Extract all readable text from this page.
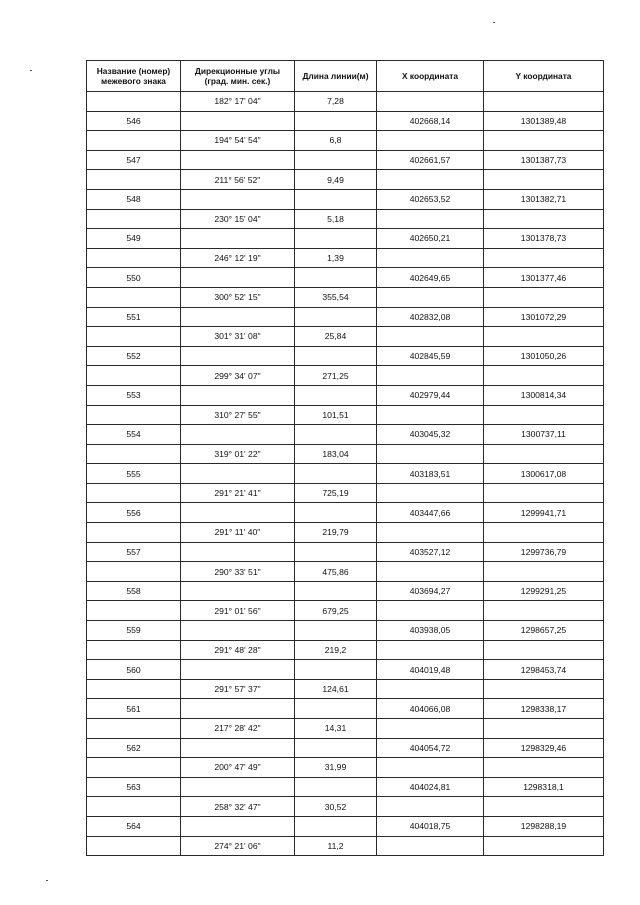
Название (номер) межевого знака	Дирекционные углы (град. мин. сек.)	Длина линии(м)	X координата	Y координата
	182° 17' 04"	7,28		
546			402668,14	1301389,48
	194° 54' 54"	6,8		
547			402661,57	1301387,73
	211° 56' 52"	9,49		
548			402653,52	1301382,71
	230° 15' 04"	5,18		
549			402650,21	1301378,73
	246° 12' 19"	1,39		
550			402649,65	1301377,46
	300° 52' 15"	355,54		
551			402832,08	1301072,29
	301° 31' 08"	25,84		
552			402845,59	1301050,26
	299° 34' 07"	271,25		
553			402979,44	1300814,34
	310° 27' 55"	101,51		
554			403045,32	1300737,11
	319° 01' 22"	183,04		
555			403183,51	1300617,08
	291° 21' 41"	725,19		
556			403447,66	1299941,71
	291° 11' 40"	219,79		
557			403527,12	1299736,79
	290° 33' 51"	475,86		
558			403694,27	1299291,25
	291° 01' 56"	679,25		
559			403938,05	1298657,25
	291° 48' 28"	219,2		
560			404019,48	1298453,74
	291° 57' 37"	124,61		
561			404066,08	1298338,17
	217° 28' 42"	14,31		
562			404054,72	1298329,46
	200° 47' 49"	31,99		
563			404024,81	1298318,1
	258° 32' 47"	30,52		
564			404018,75	1298288,19
	274° 21' 06"	11,2		
